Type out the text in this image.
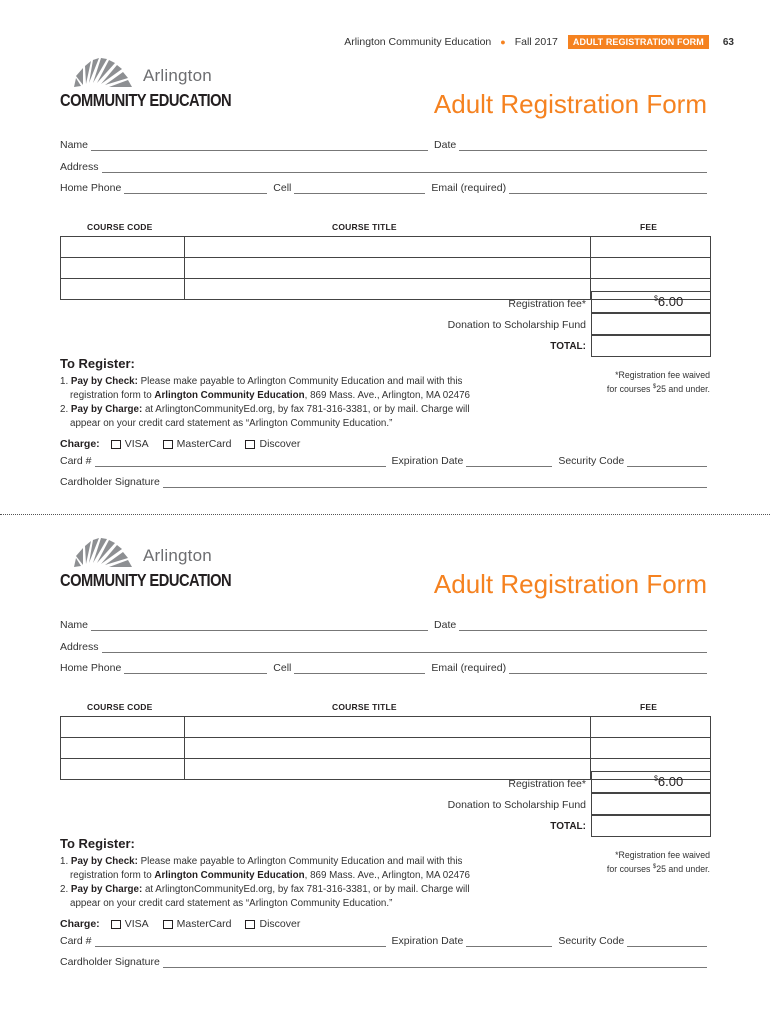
Arlington Community Education ● Fall 2017	ADULT REGISTRATION FORM	63
Arlington
COMMUNITY EDUCATION	Adult Registration Form
Name	Date
Address
Home Phone	Cell	Email (required)
COURSE CODE	COURSE TITLE	FEE

Registration fee*	$6.00
Donation to Scholarship Fund
TOTAL:
*Registration fee waived
for courses $25 and under.
To Register:
1. Pay by Check: Please make payable to Arlington Community Education and mail with this
registration form to Arlington Community Education, 869 Mass. Ave., Arlington, MA 02476
2. Pay by Charge: at ArlingtonCommunityEd.org, by fax 781-316-3381, or by mail. Charge will
appear on your credit card statement as “Arlington Community Education.”
Charge: VISA	MasterCard	Discover
Card #	Expiration Date	Security Code
Cardholder Signature
Arlington
COMMUNITY EDUCATION	Adult Registration Form
Name	Date
Address
Home Phone	Cell	Email (required)
COURSE CODE	COURSE TITLE	FEE

Registration fee*	$6.00
Donation to Scholarship Fund
TOTAL:
*Registration fee waived
for courses $25 and under.
To Register:
1. Pay by Check: Please make payable to Arlington Community Education and mail with this
registration form to Arlington Community Education, 869 Mass. Ave., Arlington, MA 02476
2. Pay by Charge: at ArlingtonCommunityEd.org, by fax 781-316-3381, or by mail. Charge will
appear on your credit card statement as “Arlington Community Education.”
Charge: VISA	MasterCard	Discover
Card #	Expiration Date	Security Code
Cardholder Signature
